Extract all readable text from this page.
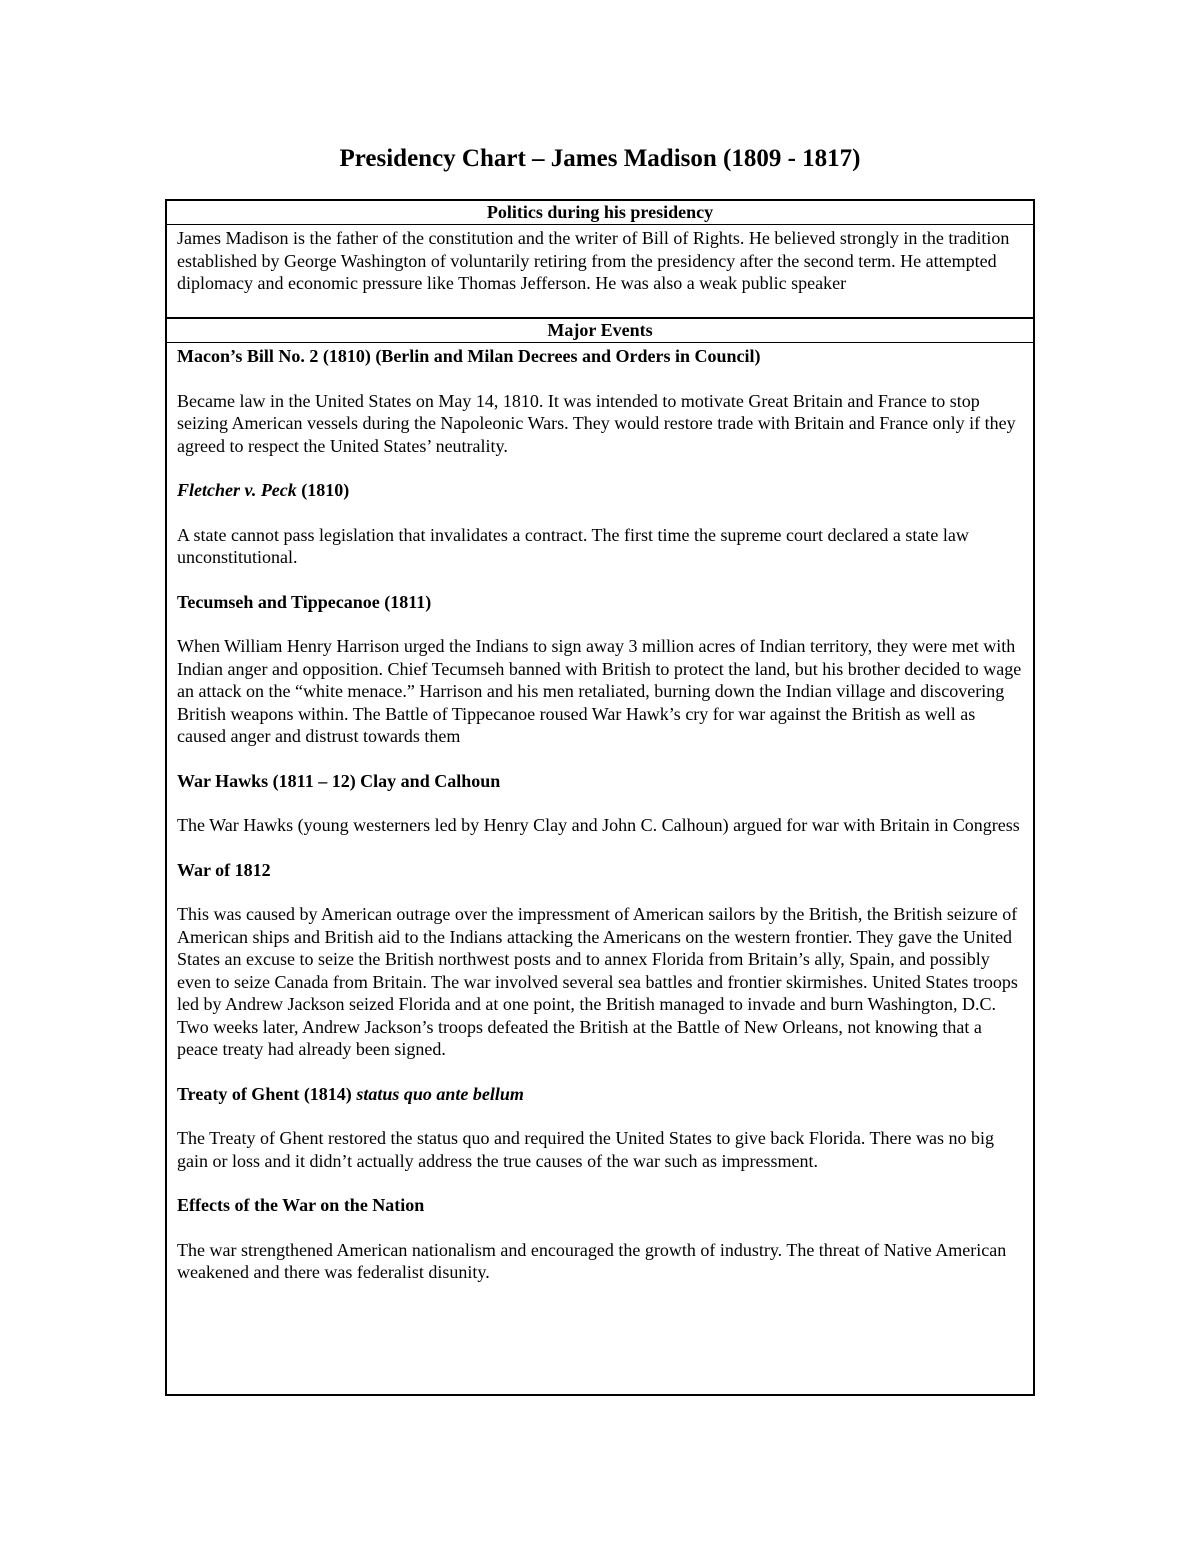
Presidency Chart – James Madison (1809 - 1817)
Politics during his presidency
James Madison is the father of the constitution and the writer of Bill of Rights. He believed strongly in the tradition established by George Washington of voluntarily retiring from the presidency after the second term. He attempted diplomacy and economic pressure like Thomas Jefferson. He was also a weak public speaker
Major Events
Macon’s Bill No. 2 (1810) (Berlin and Milan Decrees and Orders in Council)
Became law in the United States on May 14, 1810. It was intended to motivate Great Britain and France to stop seizing American vessels during the Napoleonic Wars. They would restore trade with Britain and France only if they agreed to respect the United States’ neutrality.
Fletcher v. Peck (1810)
A state cannot pass legislation that invalidates a contract. The first time the supreme court declared a state law unconstitutional.
Tecumseh and Tippecanoe (1811)
When William Henry Harrison urged the Indians to sign away 3 million acres of Indian territory, they were met with Indian anger and opposition. Chief Tecumseh banned with British to protect the land, but his brother decided to wage an attack on the “white menace.” Harrison and his men retaliated, burning down the Indian village and discovering British weapons within. The Battle of Tippecanoe roused War Hawk’s cry for war against the British as well as caused anger and distrust towards them
War Hawks (1811 – 12) Clay and Calhoun
The War Hawks (young westerners led by Henry Clay and John C. Calhoun) argued for war with Britain in Congress
War of 1812
This was caused by American outrage over the impressment of American sailors by the British, the British seizure of American ships and British aid to the Indians attacking the Americans on the western frontier. They gave the United States an excuse to seize the British northwest posts and to annex Florida from Britain’s ally, Spain, and possibly even to seize Canada from Britain. The war involved several sea battles and frontier skirmishes. United States troops led by Andrew Jackson seized Florida and at one point, the British managed to invade and burn Washington, D.C. Two weeks later, Andrew Jackson’s troops defeated the British at the Battle of New Orleans, not knowing that a peace treaty had already been signed.
Treaty of Ghent (1814) status quo ante bellum
The Treaty of Ghent restored the status quo and required the United States to give back Florida. There was no big gain or loss and it didn’t actually address the true causes of the war such as impressment.
Effects of the War on the Nation
The war strengthened American nationalism and encouraged the growth of industry. The threat of Native American weakened and there was federalist disunity.
